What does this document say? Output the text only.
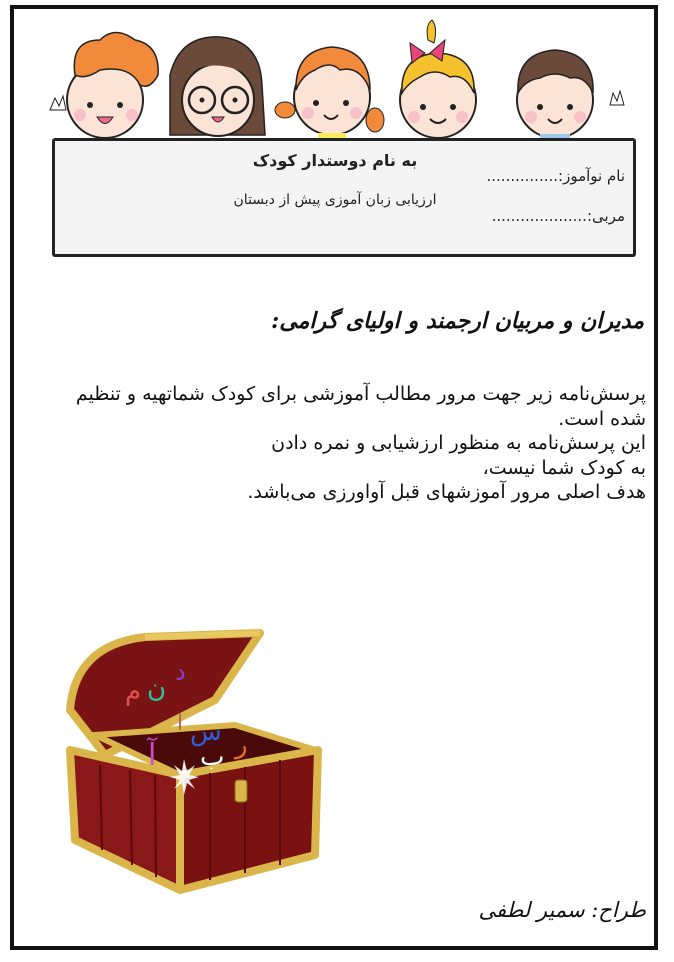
به نام دوستدار کودک
ارزیابی زبان آموزی پیش از دبستان
نام نوآموز:...............
مربی:....................
مدیران و مربیان ارجمند و اولیای گرامی:
پرسش‌نامه زیر جهت مرور مطالب آموزشی برای کودک شماتهیه و تنظیم
شده است.
این پرسش‌نامه به منظور ارزشیابی و نمره دادن
به کودک شما نیست،
هدف اصلی مرور آموزشهای قبل آواورزی می‌باشد.
د
ن
م
ا س
ب ر
آ
طراح: سمیر لطفی
